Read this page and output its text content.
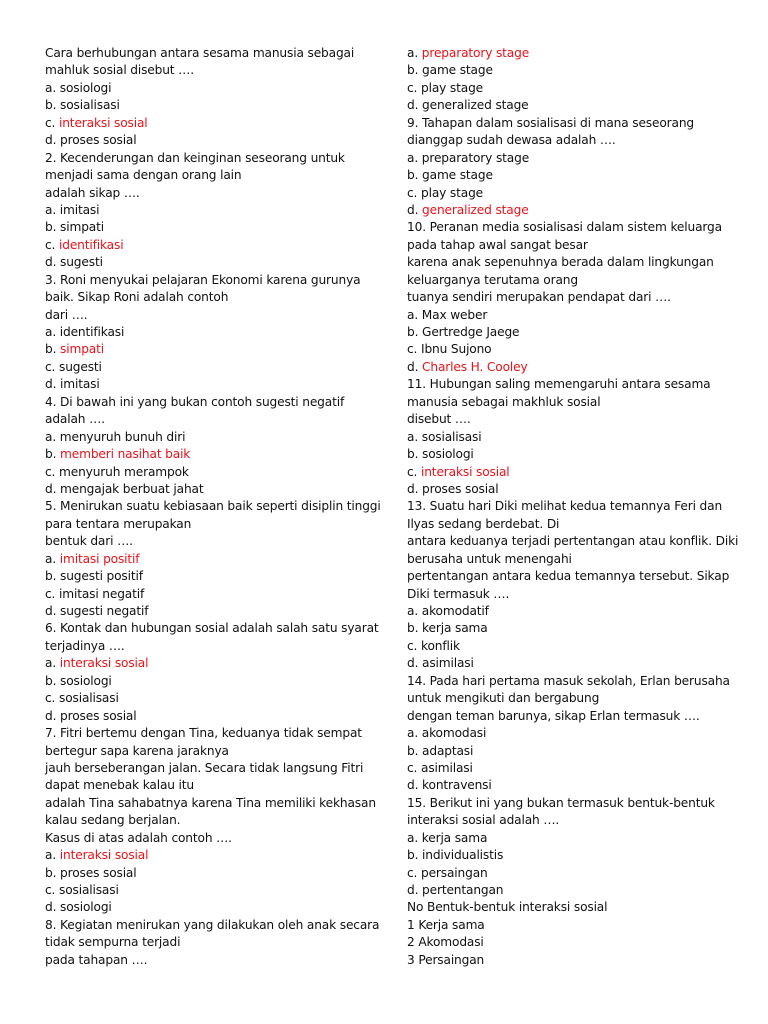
Cara berhubungan antara sesama manusia sebagai
mahluk sosial disebut ….
a. sosiologi
b. sosialisasi
c. interaksi sosial
d. proses sosial
2. Kecenderungan dan keinginan seseorang untuk
menjadi sama dengan orang lain
adalah sikap ….
a. imitasi
b. simpati
c. identifikasi
d. sugesti
3. Roni menyukai pelajaran Ekonomi karena gurunya
baik. Sikap Roni adalah contoh
dari ….
a. identifikasi
b. simpati
c. sugesti
d. imitasi
4. Di bawah ini yang bukan contoh sugesti negatif
adalah ….
a. menyuruh bunuh diri
b. memberi nasihat baik
c. menyuruh merampok
d. mengajak berbuat jahat
5. Menirukan suatu kebiasaan baik seperti disiplin tinggi
para tentara merupakan
bentuk dari ….
a. imitasi positif
b. sugesti positif
c. imitasi negatif
d. sugesti negatif
6. Kontak dan hubungan sosial adalah salah satu syarat
terjadinya ….
a. interaksi sosial
b. sosiologi
c. sosialisasi
d. proses sosial
7. Fitri bertemu dengan Tina, keduanya tidak sempat
bertegur sapa karena jaraknya
jauh berseberangan jalan. Secara tidak langsung Fitri
dapat menebak kalau itu
adalah Tina sahabatnya karena Tina memiliki kekhasan
kalau sedang berjalan.
Kasus di atas adalah contoh ….
a. interaksi sosial
b. proses sosial
c. sosialisasi
d. sosiologi
8. Kegiatan menirukan yang dilakukan oleh anak secara
tidak sempurna terjadi
pada tahapan ….
a. preparatory stage
b. game stage
c. play stage
d. generalized stage
9. Tahapan dalam sosialisasi di mana seseorang
dianggap sudah dewasa adalah ….
a. preparatory stage
b. game stage
c. play stage
d. generalized stage
10. Peranan media sosialisasi dalam sistem keluarga
pada tahap awal sangat besar
karena anak sepenuhnya berada dalam lingkungan
keluarganya terutama orang
tuanya sendiri merupakan pendapat dari ….
a. Max weber
b. Gertredge Jaege
c. Ibnu Sujono
d. Charles H. Cooley
11. Hubungan saling memengaruhi antara sesama
manusia sebagai makhluk sosial
disebut ….
a. sosialisasi
b. sosiologi
c. interaksi sosial
d. proses sosial
13. Suatu hari Diki melihat kedua temannya Feri dan
Ilyas sedang berdebat. Di
antara keduanya terjadi pertentangan atau konflik. Diki
berusaha untuk menengahi
pertentangan antara kedua temannya tersebut. Sikap
Diki termasuk ….
a. akomodatif
b. kerja sama
c. konflik
d. asimilasi
14. Pada hari pertama masuk sekolah, Erlan berusaha
untuk mengikuti dan bergabung
dengan teman barunya, sikap Erlan termasuk ….
a. akomodasi
b. adaptasi
c. asimilasi
d. kontravensi
15. Berikut ini yang bukan termasuk bentuk-bentuk
interaksi sosial adalah ….
a. kerja sama
b. individualistis
c. persaingan
d. pertentangan
No Bentuk-bentuk interaksi sosial
1 Kerja sama
2 Akomodasi
3 Persaingan
